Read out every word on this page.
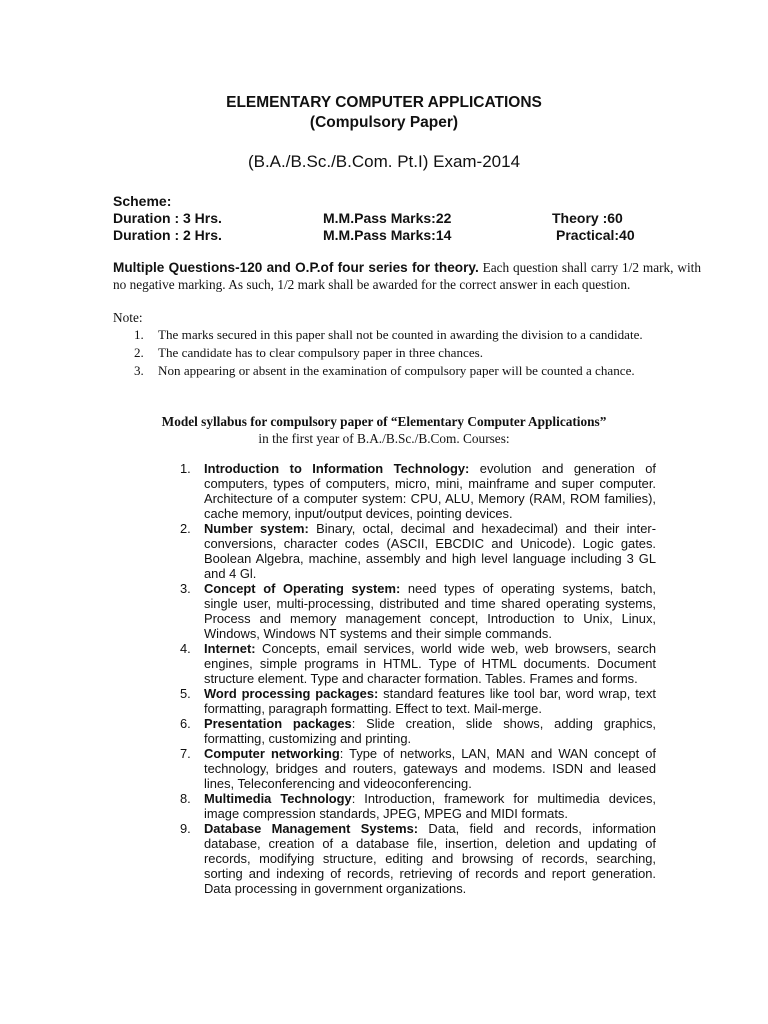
ELEMENTARY COMPUTER APPLICATIONS
(Compulsory Paper)
(B.A./B.Sc./B.Com. Pt.I) Exam-2014
Scheme:
Duration : 3 Hrs.	M.M.Pass Marks:22	Theory :60
Duration : 2 Hrs.	M.M.Pass Marks:14	Practical:40
Multiple Questions-120 and O.P.of four series for theory. Each question shall carry 1/2 mark, with no negative marking. As such, 1/2 mark shall be awarded for the correct answer in each question.
Note:
1. The marks secured in this paper shall not be counted in awarding the division to a candidate.
2. The candidate has to clear compulsory paper in three chances.
3. Non appearing or absent in the examination of compulsory paper will be counted a chance.
Model syllabus for compulsory paper of “Elementary Computer Applications”
in the first year of B.A./B.Sc./B.Com. Courses:
1. Introduction to Information Technology: evolution and generation of computers, types of computers, micro, mini, mainframe and super computer. Architecture of a computer system: CPU, ALU, Memory (RAM, ROM families), cache memory, input/output devices, pointing devices.
2. Number system: Binary, octal, decimal and hexadecimal) and their inter-conversions, character codes (ASCII, EBCDIC and Unicode). Logic gates. Boolean Algebra, machine, assembly and high level language including 3 GL and 4 Gl.
3. Concept of Operating system: need types of operating systems, batch, single user, multi-processing, distributed and time shared operating systems, Process and memory management concept, Introduction to Unix, Linux, Windows, Windows NT systems and their simple commands.
4. Internet: Concepts, email services, world wide web, web browsers, search engines, simple programs in HTML. Type of HTML documents. Document structure element. Type and character formation. Tables. Frames and forms.
5. Word processing packages: standard features like tool bar, word wrap, text formatting, paragraph formatting. Effect to text. Mail-merge.
6. Presentation packages: Slide creation, slide shows, adding graphics, formatting, customizing and printing.
7. Computer networking: Type of networks, LAN, MAN and WAN concept of technology, bridges and routers, gateways and modems. ISDN and leased lines, Teleconferencing and videoconferencing.
8. Multimedia Technology: Introduction, framework for multimedia devices, image compression standards, JPEG, MPEG and MIDI formats.
9. Database Management Systems: Data, field and records, information database, creation of a database file, insertion, deletion and updating of records, modifying structure, editing and browsing of records, searching, sorting and indexing of records, retrieving of records and report generation. Data processing in government organizations.
